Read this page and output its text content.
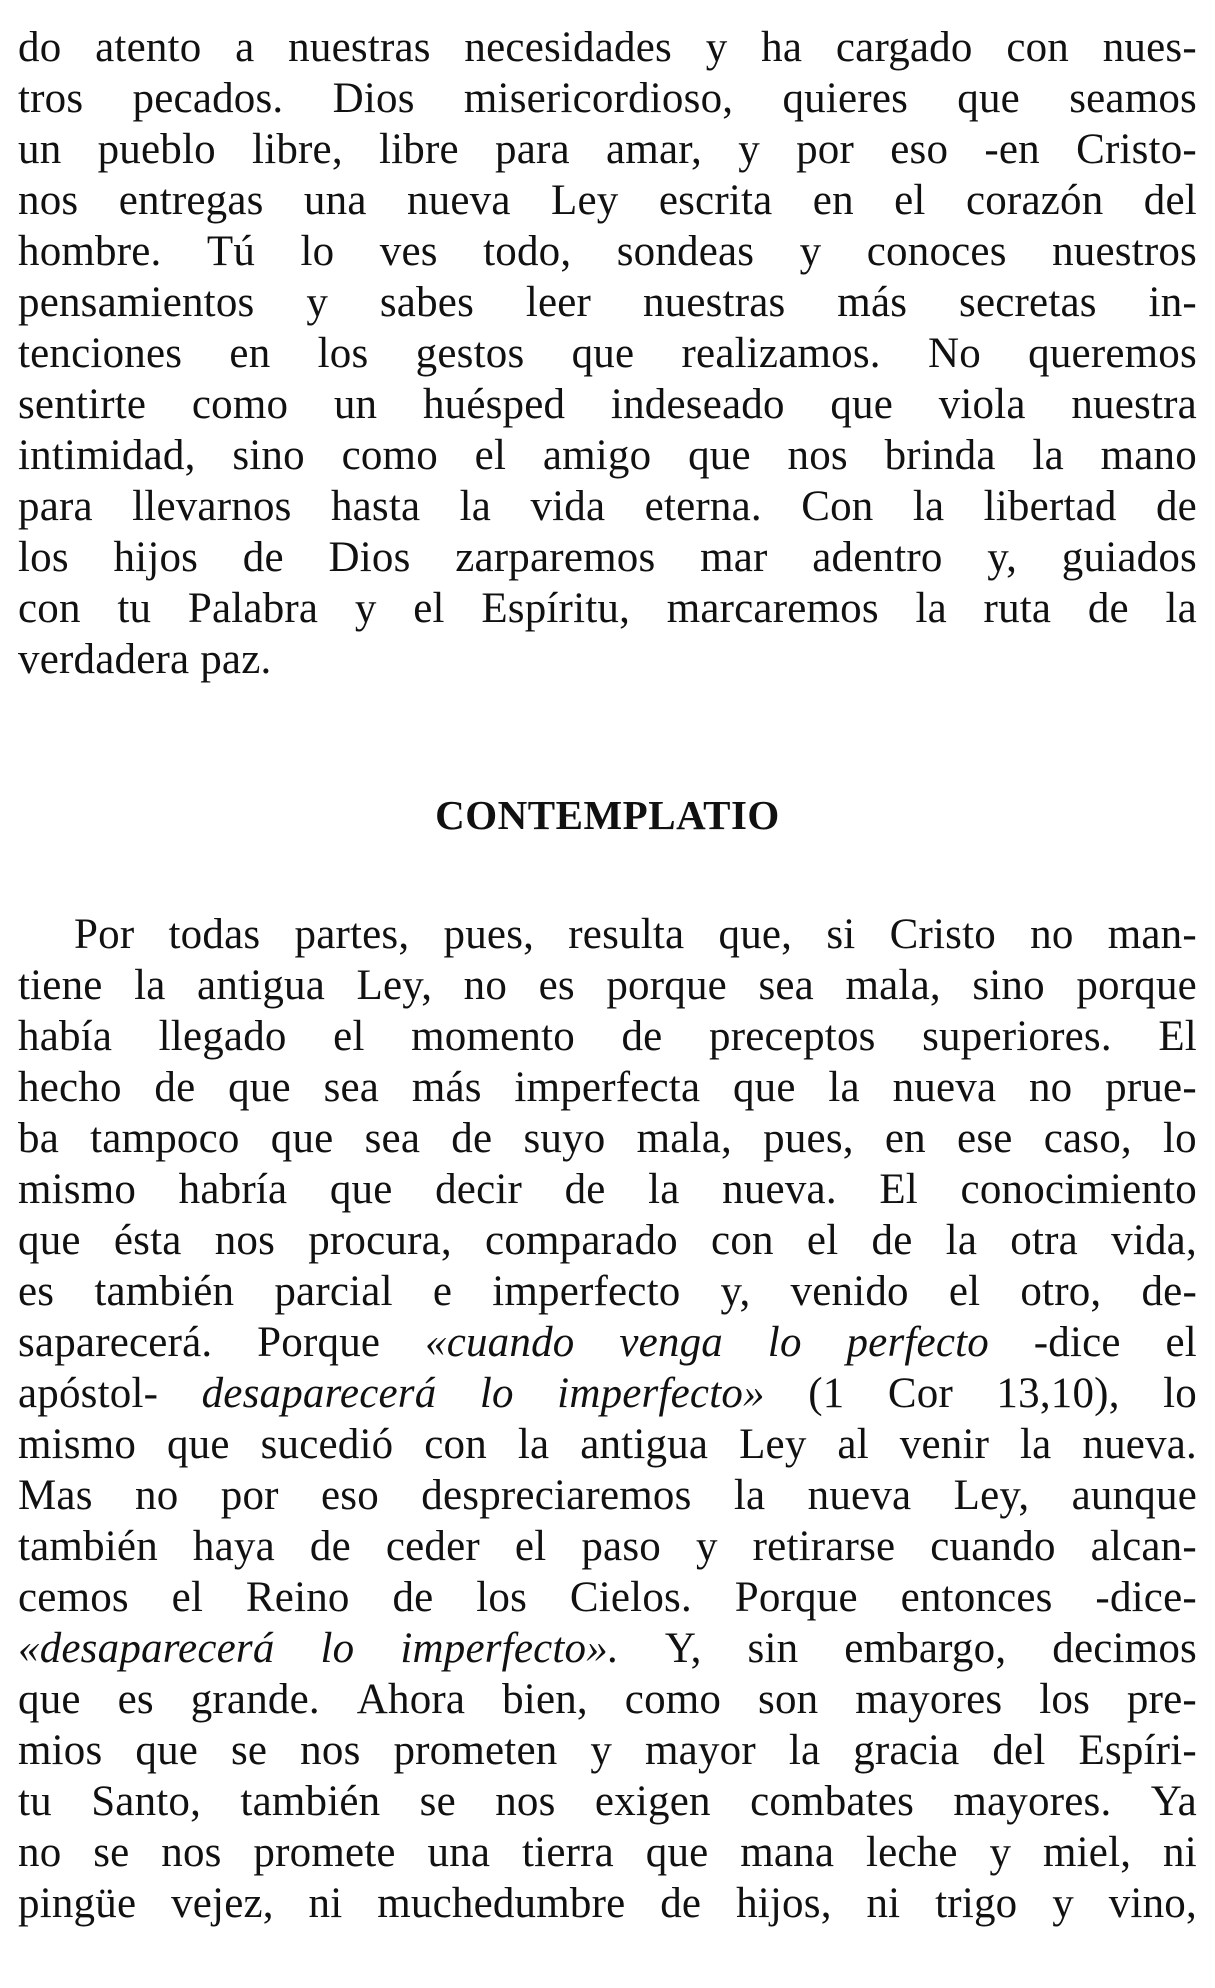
do atento a nuestras necesidades y ha cargado con nues-
tros pecados. Dios misericordioso, quieres que seamos
un pueblo libre, libre para amar, y por eso -en Cristo-
nos entregas una nueva Ley escrita en el corazón del
hombre. Tú lo ves todo, sondeas y conoces nuestros
pensamientos y sabes leer nuestras más secretas in-
tenciones en los gestos que realizamos. No queremos
sentirte como un huésped indeseado que viola nuestra
intimidad, sino como el amigo que nos brinda la mano
para llevarnos hasta la vida eterna. Con la libertad de
los hijos de Dios zarparemos mar adentro y, guiados
con tu Palabra y el Espíritu, marcaremos la ruta de la
verdadera paz.
CONTEMPLATIO
Por todas partes, pues, resulta que, si Cristo no man-
tiene la antigua Ley, no es porque sea mala, sino porque
había llegado el momento de preceptos superiores. El
hecho de que sea más imperfecta que la nueva no prue-
ba tampoco que sea de suyo mala, pues, en ese caso, lo
mismo habría que decir de la nueva. El conocimiento
que ésta nos procura, comparado con el de la otra vida,
es también parcial e imperfecto y, venido el otro, de-
saparecerá. Porque «cuando venga lo perfecto -dice el
apóstol- desaparecerá lo imperfecto» (1 Cor 13,10), lo
mismo que sucedió con la antigua Ley al venir la nueva.
Mas no por eso despreciaremos la nueva Ley, aunque
también haya de ceder el paso y retirarse cuando alcan-
cemos el Reino de los Cielos. Porque entonces -dice-
«desaparecerá lo imperfecto». Y, sin embargo, decimos
que es grande. Ahora bien, como son mayores los pre-
mios que se nos prometen y mayor la gracia del Espíri-
tu Santo, también se nos exigen combates mayores. Ya
no se nos promete una tierra que mana leche y miel, ni
pingüe vejez, ni muchedumbre de hijos, ni trigo y vino,
